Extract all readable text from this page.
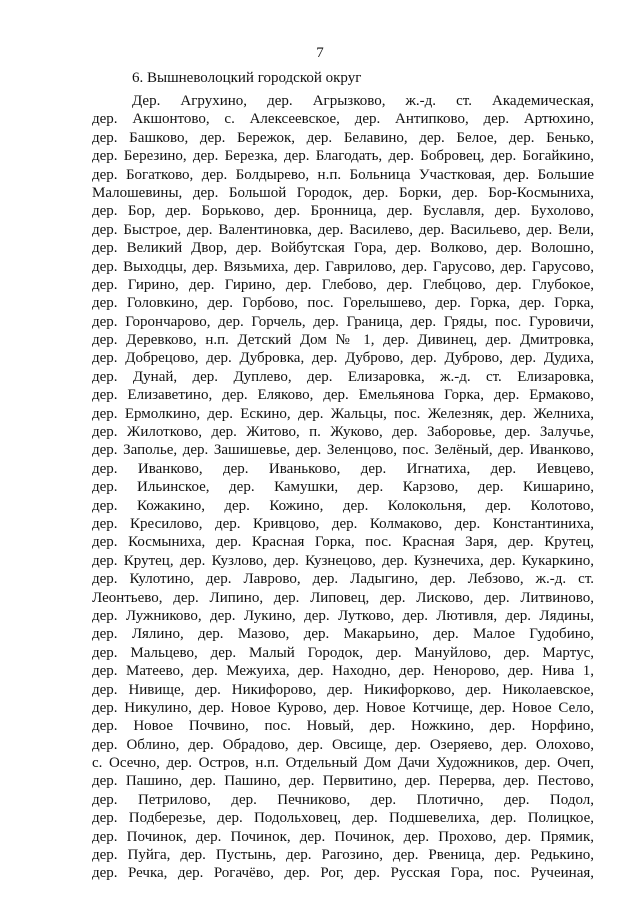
7
6. Вышневолоцкий городской округ
Дер. Агрухино, дер. Агрызково, ж.-д. ст. Академическая,
дер. Акшонтово, с. Алексеевское, дер. Антипково, дер. Артюхино,
дер. Башково, дер. Бережок, дер. Белавино, дер. Белое, дер. Бенько,
дер. Березино, дер. Березка, дер. Благодать, дер. Бобровец, дер. Богайкино,
дер. Богатково, дер. Болдырево, н.п. Больница Участковая, дер. Большие
Малошевины, дер. Большой Городок, дер. Борки, дер. Бор-Космыниха,
дер. Бор, дер. Борьково, дер. Бронница, дер. Буславля, дер. Бухолово,
дер. Быстрое, дер. Валентиновка, дер. Василево, дер. Васильево, дер. Вели,
дер. Великий Двор, дер. Войбутская Гора, дер. Волково, дер. Волошно,
дер. Выходцы, дер. Вязьмиха, дер. Гаврилово, дер. Гарусово, дер. Гарусово,
дер. Гирино, дер. Гирино, дер. Глебово, дер. Глебцово, дер. Глубокое,
дер. Головкино, дер. Горбово, пос. Горелышево, дер. Горка, дер. Горка,
дер. Горончарово, дер. Горчель, дер. Граница, дер. Гряды, пос. Гуровичи,
дер. Деревково, н.п. Детский Дом № 1, дер. Дивинец, дер. Дмитровка,
дер. Добрецово, дер. Дубровка, дер. Дуброво, дер. Дуброво, дер. Дудиха,
дер. Дунай, дер. Дуплево, дер. Елизаровка, ж.-д. ст. Елизаровка,
дер. Елизаветино, дер. Еляково, дер. Емельянова Горка, дер. Ермаково,
дер. Ермолкино, дер. Ескино, дер. Жальцы, пос. Железняк, дер. Желниха,
дер. Жилотково, дер. Житово, п. Жуково, дер. Заборовье, дер. Залучье,
дер. Заполье, дер. Зашишевье, дер. Зеленцово, пос. Зелёный, дер. Иванково,
дер. Иванково, дер. Иваньково, дер. Игнатиха, дер. Иевцево,
дер. Ильинское, дер. Камушки, дер. Карзово, дер. Кишарино,
дер. Кожакино, дер. Кожино, дер. Колокольня, дер. Колотово,
дер. Кресилово, дер. Кривцово, дер. Колмаково, дер. Константиниха,
дер. Космыниха, дер. Красная Горка, пос. Красная Заря, дер. Крутец,
дер. Крутец, дер. Кузлово, дер. Кузнецово, дер. Кузнечиха, дер. Кукаркино,
дер. Кулотино, дер. Лаврово, дер. Ладыгино, дер. Лебзово, ж.-д. ст.
Леонтьево, дер. Липино, дер. Липовец, дер. Лисково, дер. Литвиново,
дер. Лужниково, дер. Лукино, дер. Лутково, дер. Лютивля, дер. Лядины,
дер. Лялино, дер. Мазово, дер. Макарьино, дер. Малое Гудобино,
дер. Мальцево, дер. Малый Городок, дер. Мануйлово, дер. Мартус,
дер. Матеево, дер. Межуиха, дер. Находно, дер. Ненорово, дер. Нива 1,
дер. Нивище, дер. Никифорово, дер. Никифорково, дер. Николаевское,
дер. Никулино, дер. Новое Курово, дер. Новое Котчище, дер. Новое Село,
дер. Новое Почвино, пос. Новый, дер. Ножкино, дер. Норфино,
дер. Облино, дер. Обрадово, дер. Овсище, дер. Озеряево, дер. Олохово,
с. Осечно, дер. Остров, н.п. Отдельный Дом Дачи Художников, дер. Очеп,
дер. Пашино, дер. Пашино, дер. Первитино, дер. Перерва, дер. Пестово,
дер. Петрилово, дер. Печниково, дер. Плотично, дер. Подол,
дер. Подберезье, дер. Подольховец, дер. Подшевелиха, дер. Полицкое,
дер. Починок, дер. Починок, дер. Починок, дер. Прохово, дер. Прямик,
дер. Пуйга, дер. Пустынь, дер. Рагозино, дер. Рвеница, дер. Редькино,
дер. Речка, дер. Рогачёво, дер. Рог, дер. Русская Гора, пос. Ручеиная,
